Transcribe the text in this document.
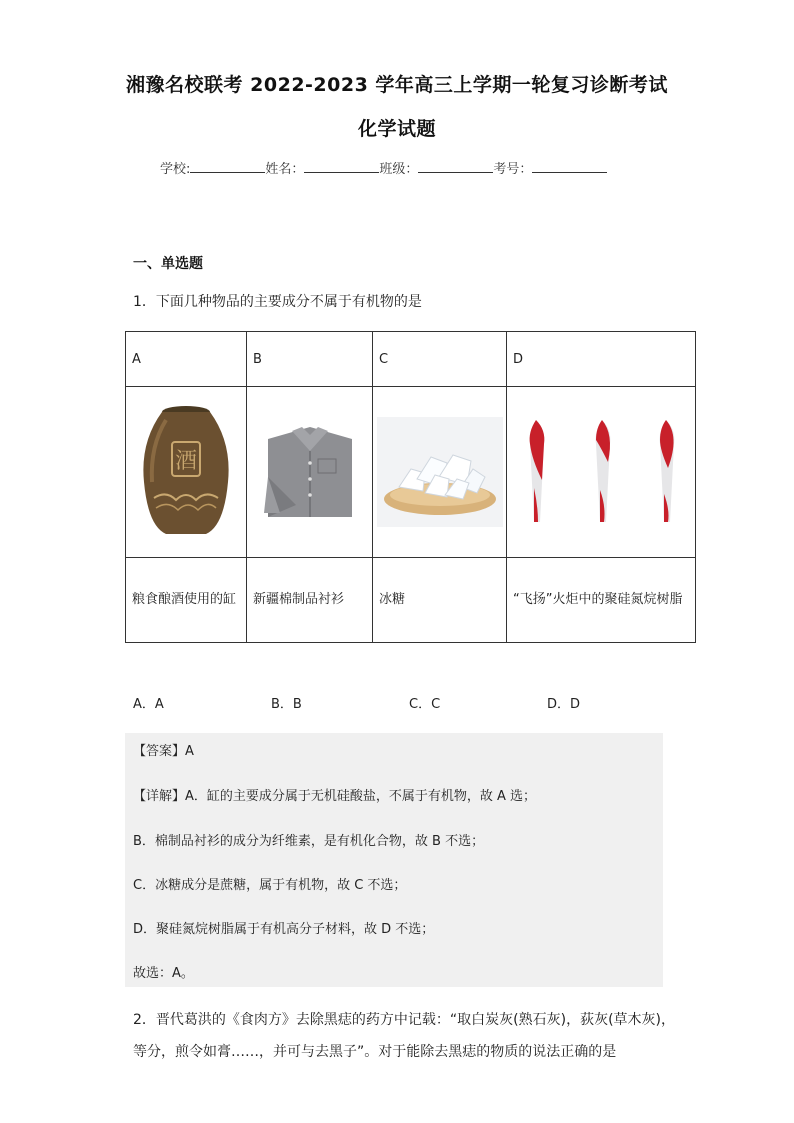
湘豫名校联考 2022-2023 学年高三上学期一轮复习诊断考试
化学试题
学校:	姓名：	班级：	考号：
一、单选题
1．下面几种物品的主要成分不属于有机物的是
A	B	C	D

酒

粮食酿酒使用的缸	新疆棉制品衬衫	冰糖	“飞扬”火炬中的聚硅氮烷树脂
A．A	B．B	C．C	D．D
【答案】A
【详解】A．缸的主要成分属于无机硅酸盐，不属于有机物，故 A 选；
B．棉制品衬衫的成分为纤维素，是有机化合物，故 B 不选；
C．冰糖成分是蔗糖，属于有机物，故 C 不选；
D．聚硅氮烷树脂属于有机高分子材料，故 D 不选；
故选：A。
2．晋代葛洪的《食肉方》去除黑痣的药方中记载：“取白炭灰(熟石灰)，荻灰(草木灰)，等分，煎令如膏……，并可与去黑子”。对于能除去黑痣的物质的说法正确的是
